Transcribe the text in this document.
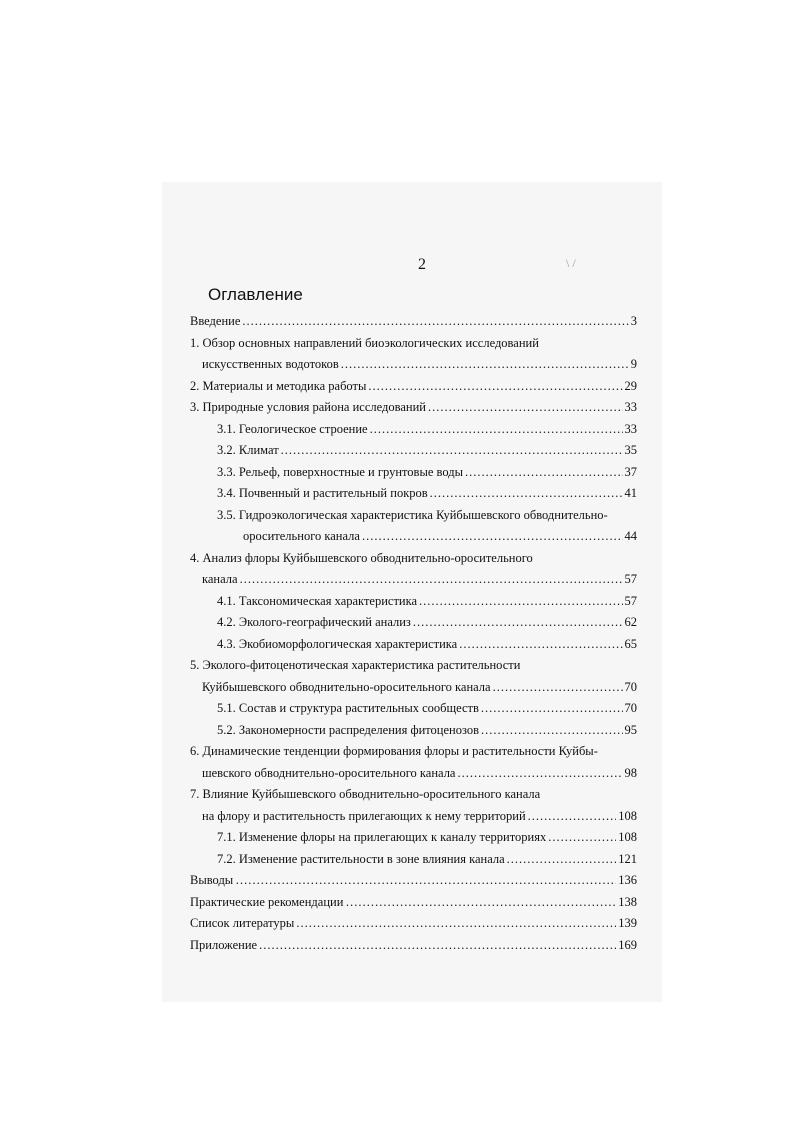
2	\ /
Оглавление
Введение .....	3
1. Обзор основных направлений биоэкологических исследований
искусственных водотоков .....	9
2. Материалы и методика работы .....	29
3. Природные условия района исследований .....	33
3.1. Геологическое строение .....	33
3.2. Климат .....	35
3.3. Рельеф, поверхностные и грунтовые воды .....	37
3.4. Почвенный и растительный покров .....	41
3.5. Гидроэкологическая характеристика Куйбышевского обводнительно-
оросительного канала .....	44
4. Анализ флоры Куйбышевского обводнительно-оросительного
канала .....	57
4.1. Таксономическая характеристика .....	57
4.2. Эколого-географический анализ .....	62
4.3. Экобиоморфологическая характеристика .....	65
5. Эколого-фитоценотическая характеристика растительности
Куйбышевского обводнительно-оросительного канала .....	70
5.1. Состав и структура растительных сообществ .....	70
5.2. Закономерности распределения фитоценозов .....	95
6. Динамические тенденции формирования флоры и растительности Куйбы-
шевского обводнительно-оросительного канала .....	98
7. Влияние Куйбышевского обводнительно-оросительного канала
на флору и растительность прилегающих к нему территорий .....	108
7.1. Изменение флоры на прилегающих к каналу территориях .....	108
7.2. Изменение растительности в зоне влияния канала .....	121
Выводы …………………………………………………………………………………………………………………	136
Практические рекомендации …………………………………………………………………………………………………………………	138
Список литературы .....	139
Приложение .....	169
